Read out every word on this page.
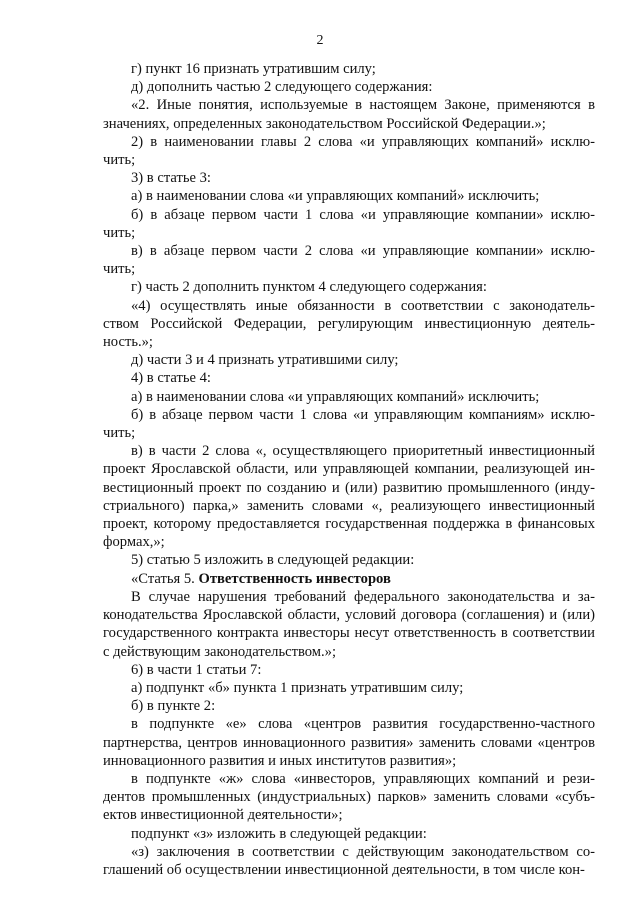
2
г) пункт 16 признать утратившим силу;
д) дополнить частью 2 следующего содержания:
«2. Иные понятия, используемые в настоящем Законе, применяются в
значениях, определенных законодательством Российской Федерации.»;
2) в наименовании главы 2 слова «и управляющих компаний» исклю-
чить;
3) в статье 3:
а) в наименовании слова «и управляющих компаний» исключить;
б) в абзаце первом части 1 слова «и управляющие компании» исклю-
чить;
в) в абзаце первом части 2 слова «и управляющие компании» исклю-
чить;
г) часть 2 дополнить пунктом 4 следующего содержания:
«4) осуществлять иные обязанности в соответствии с законодатель-
ством Российской Федерации, регулирующим инвестиционную деятель-
ность.»;
д) части 3 и 4 признать утратившими силу;
4) в статье 4:
а) в наименовании слова «и управляющих компаний» исключить;
б) в абзаце первом части 1 слова «и управляющим компаниям» исклю-
чить;
в) в части 2 слова «, осуществляющего приоритетный инвестиционный
проект Ярославской области, или управляющей компании, реализующей ин-
вестиционный проект по созданию и (или) развитию промышленного (инду-
стриального) парка,» заменить словами «, реализующего инвестиционный
проект, которому предоставляется государственная поддержка в финансовых
формах,»;
5) статью 5 изложить в следующей редакции:
«Статья 5. Ответственность инвесторов
В случае нарушения требований федерального законодательства и за-
конодательства Ярославской области, условий договора (соглашения) и (или)
государственного контракта инвесторы несут ответственность в соответствии
с действующим законодательством.»;
6) в части 1 статьи 7:
а) подпункт «б» пункта 1 признать утратившим силу;
б) в пункте 2:
в подпункте «е» слова «центров развития государственно-частного
партнерства, центров инновационного развития» заменить словами «центров
инновационного развития и иных институтов развития»;
в подпункте «ж» слова «инвесторов, управляющих компаний и рези-
дентов промышленных (индустриальных) парков» заменить словами «субъ-
ектов инвестиционной деятельности»;
подпункт «з» изложить в следующей редакции:
«з) заключения в соответствии с действующим законодательством со-
глашений об осуществлении инвестиционной деятельности, в том числе кон-
